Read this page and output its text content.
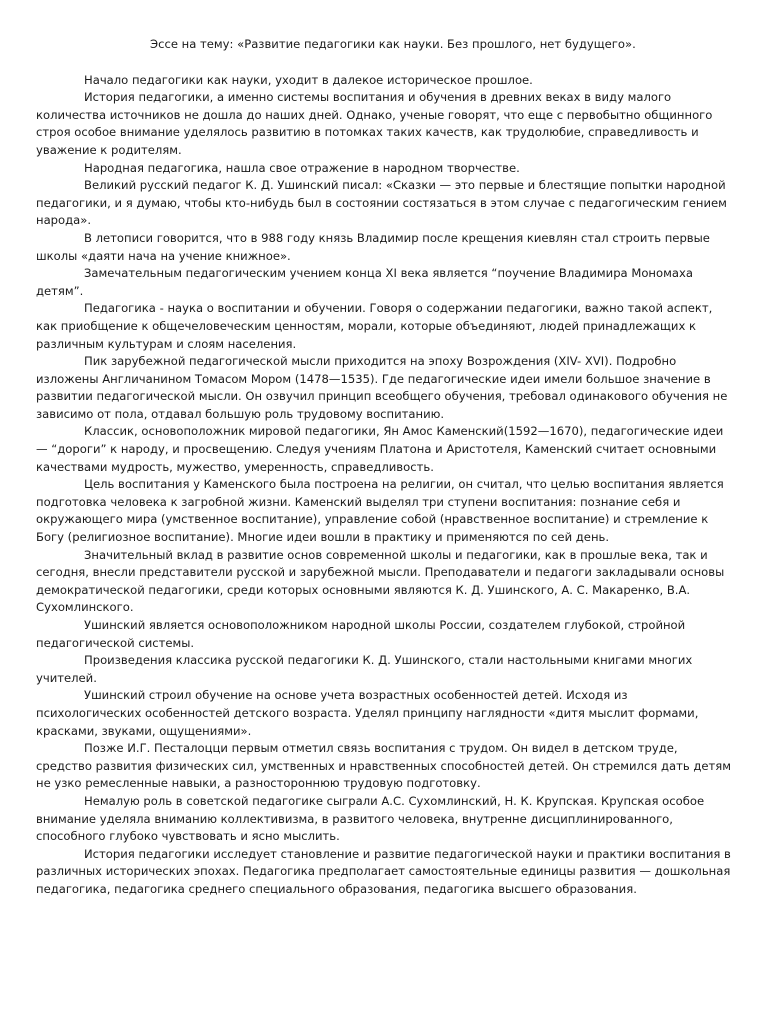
Эссе на тему: «Развитие педагогики как науки. Без прошлого, нет будущего».

Начало педагогики как науки, уходит в далекое историческое прошлое.

История педагогики, а именно системы воспитания и обучения в древних веках в виду малого количества источников не дошла до наших дней. Однако, ученые говорят, что еще с первобытно общинного строя особое внимание уделялось развитию в потомках таких качеств, как трудолюбие, справедливость и уважение к родителям.

Народная педагогика, нашла свое отражение в народном творчестве.

Великий русский педагог К. Д. Ушинский писал: «Сказки — это первые и блестящие попытки народной педагогики, и я думаю, чтобы кто-нибудь был в состоянии состязаться в этом случае с педагогическим гением народа».

В летописи говорится, что в 988 году князь Владимир после крещения киевлян стал строить первые школы «даяти нача на учение книжное».

Замечательным педагогическим учением конца XI века является “поучение Владимира Мономаха детям”.

Педагогика - наука о воспитании и обучении. Говоря о содержании педагогики, важно такой аспект, как приобщение к общечеловеческим ценностям, морали, которые объединяют, людей принадлежащих к различным культурам и слоям населения.

Пик зарубежной педагогической мысли приходится на эпоху Возрождения (XIV- XVI). Подробно изложены Англичанином Томасом Мором (1478—1535). Где педагогические идеи имели большое значение в развитии педагогической мысли. Он озвучил принцип всеобщего обучения, требовал одинакового обучения не зависимо от пола, отдавал большую роль трудовому воспитанию.

Классик, основоположник мировой педагогики, Ян Амос Каменский(1592—1670), педагогические идеи — “дороги” к народу, и просвещению. Следуя учениям Платона и Аристотеля, Каменский считает основными качествами мудрость, мужество, умеренность, справедливость.

Цель воспитания у Каменского была построена на религии, он считал, что целью воспитания является подготовка человека к загробной жизни. Каменский выделял три ступени воспитания: познание себя и окружающего мира (умственное воспитание), управление собой (нравственное воспитание) и стремление к Богу (религиозное воспитание). Многие идеи вошли в практику и применяются по сей день.

Значительный вклад в развитие основ современной школы и педагогики, как в прошлые века, так и сегодня, внесли представители русской и зарубежной мысли. Преподаватели и педагоги закладывали основы демократической педагогики, среди которых основными являются К. Д. Ушинского, А. С. Макаренко, В.А. Сухомлинского.

Ушинский является основоположником народной школы России, создателем глубокой, стройной педагогической системы.

Произведения классика русской педагогики К. Д. Ушинского, стали настольными книгами многих учителей.

Ушинский строил обучение на основе учета возрастных особенностей детей. Исходя из психологических особенностей детского возраста. Уделял принципу наглядности «дитя мыслит формами, красками, звуками, ощущениями».

Позже И.Г. Песталоцци первым отметил связь воспитания с трудом. Он видел в детском труде, средство развития физических сил, умственных и нравственных способностей детей. Он стремился дать детям не узко ремесленные навыки, а разностороннюю трудовую подготовку.

Немалую роль в советской педагогике сыграли А.С. Сухомлинский, Н. К. Крупская. Крупская особое внимание уделяла вниманию коллективизма, в развитого человека, внутренне дисциплинированного, способного глубоко чувствовать и ясно мыслить.

История педагогики исследует становление и развитие педагогической науки и практики воспитания в различных исторических эпохах. Педагогика предполагает самостоятельные единицы развития — дошкольная педагогика, педагогика среднего специального образования, педагогика высшего образования.
